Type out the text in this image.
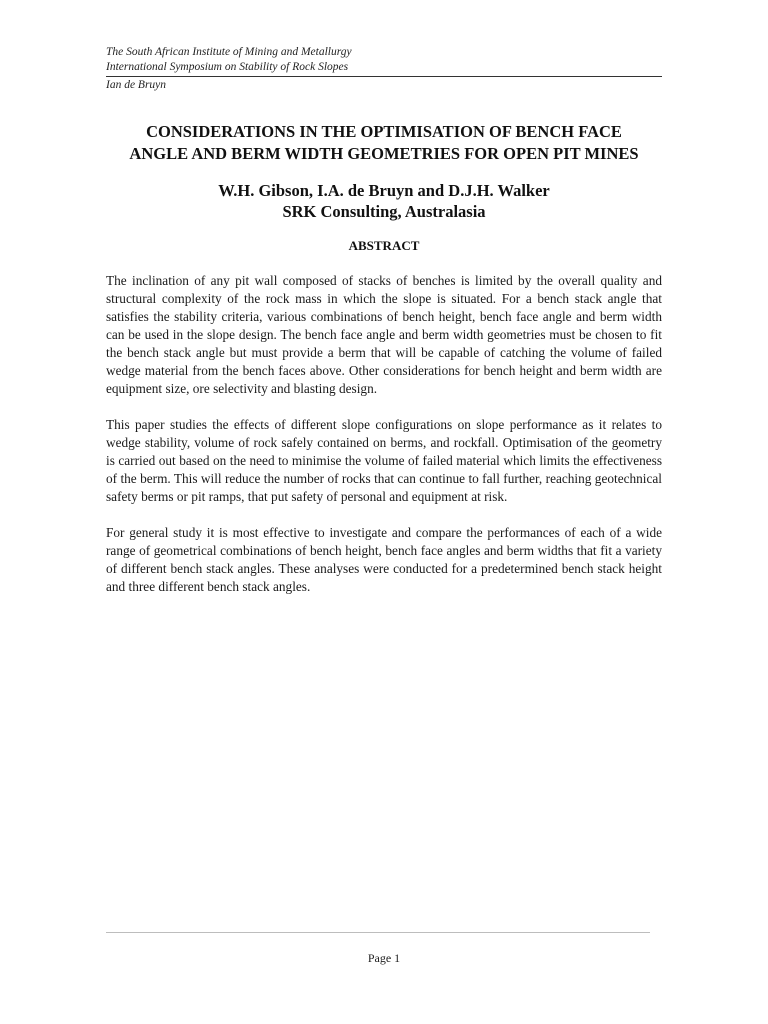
The South African Institute of Mining and Metallurgy
International Symposium on Stability of Rock Slopes
Ian de Bruyn
CONSIDERATIONS IN THE OPTIMISATION OF BENCH FACE
ANGLE AND BERM WIDTH GEOMETRIES FOR OPEN PIT MINES
W.H. Gibson, I.A. de Bruyn and D.J.H. Walker
SRK Consulting, Australasia
ABSTRACT

The inclination of any pit wall composed of stacks of benches is limited by the overall quality and structural complexity of the rock mass in which the slope is situated. For a bench stack angle that satisfies the stability criteria, various combinations of bench height, bench face angle and berm width can be used in the slope design. The bench face angle and berm width geometries must be chosen to fit the bench stack angle but must provide a berm that will be capable of catching the volume of failed wedge material from the bench faces above. Other considerations for bench height and berm width are equipment size, ore selectivity and blasting design.

This paper studies the effects of different slope configurations on slope performance as it relates to wedge stability, volume of rock safely contained on berms, and rockfall. Optimisation of the geometry is carried out based on the need to minimise the volume of failed material which limits the effectiveness of the berm. This will reduce the number of rocks that can continue to fall further, reaching geotechnical safety berms or pit ramps, that put safety of personal and equipment at risk.

For general study it is most effective to investigate and compare the performances of each of a wide range of geometrical combinations of bench height, bench face angles and berm widths that fit a variety of different bench stack angles. These analyses were conducted for a predetermined bench stack height and three different bench stack angles.

Page 1
